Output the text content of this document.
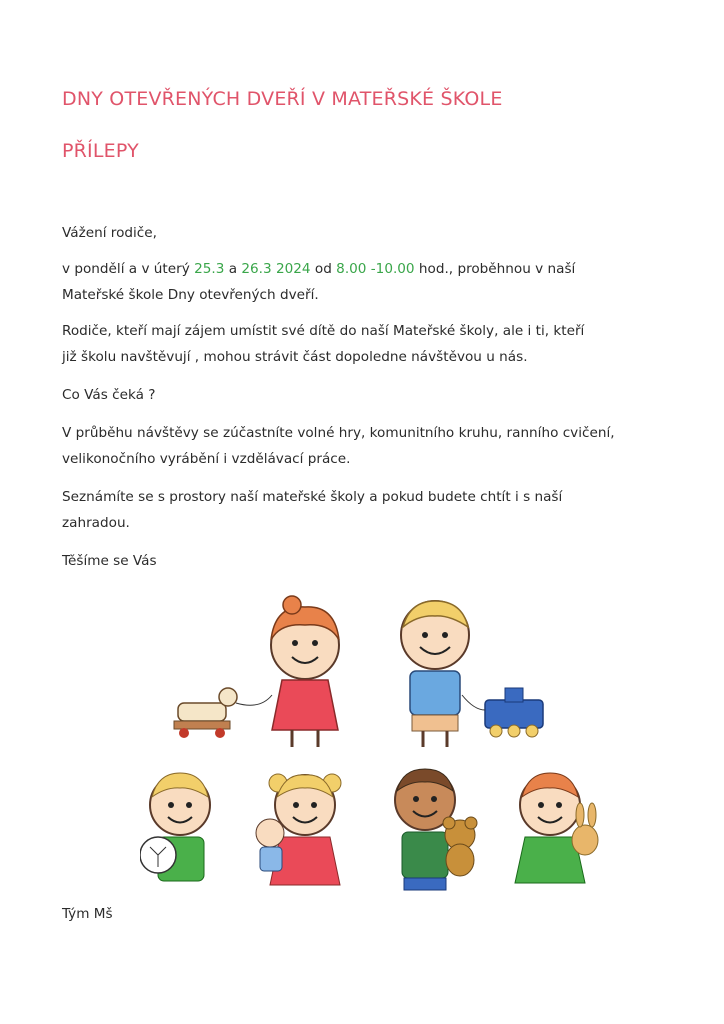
DNY OTEVŘENÝCH DVEŘÍ V MATEŘSKÉ ŠKOLE
PŘÍLEPY

Vážení rodiče,

v pondělí a v úterý 25.3 a 26.3 2024 od 8.00 -10.00 hod., proběhnou v naší

Mateřské škole Dny otevřených dveří.

Rodiče, kteří mají zájem umístit své dítě do naší Mateřské školy, ale i ti, kteří

již školu navštěvují , mohou strávit část dopoledne návštěvou u nás.

Co Vás čeká ?

V průběhu návštěvy se zúčastníte volné hry, komunitního kruhu, ranního cvičení,

velikonočního vyrábění i vzdělávací práce.

Seznámíte se s prostory naší mateřské školy a pokud budete chtít i s naší

zahradou.

Těšíme se Vás

Tým Mš
